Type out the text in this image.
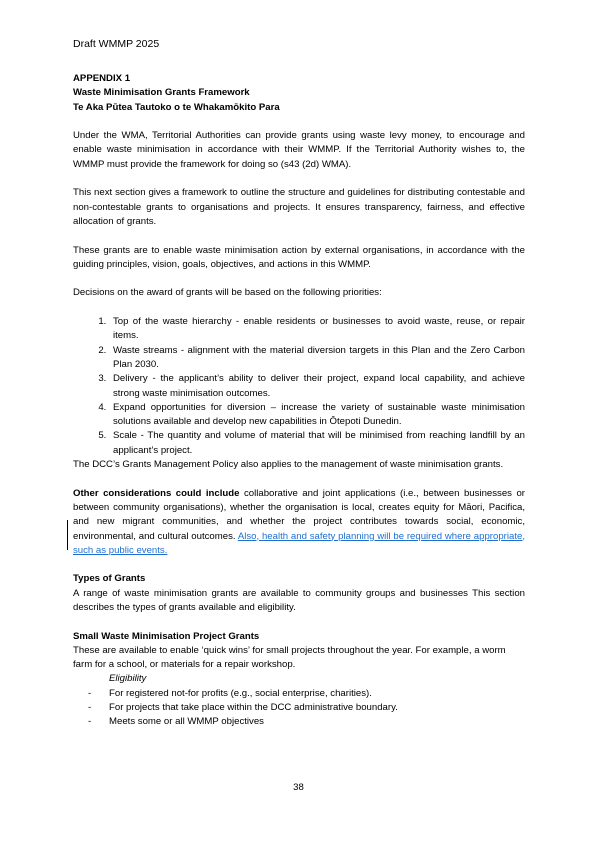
Draft WMMP 2025

APPENDIX 1

Waste Minimisation Grants Framework

Te Aka Pūtea Tautoko o te Whakamōkito Para

Under the WMA, Territorial Authorities can provide grants using waste levy money, to encourage and enable waste minimisation in accordance with their WMMP. If the Territorial Authority wishes to, the WMMP must provide the framework for doing so (s43 (2d) WMA).

This next section gives a framework to outline the structure and guidelines for distributing contestable and non-contestable grants to organisations and projects. It ensures transparency, fairness, and effective allocation of grants.

These grants are to enable waste minimisation action by external organisations, in accordance with the guiding principles, vision, goals, objectives, and actions in this WMMP.

Decisions on the award of grants will be based on the following priorities:

1. Top of the waste hierarchy - enable residents or businesses to avoid waste, reuse, or repair items.
2. Waste streams - alignment with the material diversion targets in this Plan and the Zero Carbon Plan 2030.
3. Delivery - the applicant’s ability to deliver their project, expand local capability, and achieve strong waste minimisation outcomes.
4. Expand opportunities for diversion – increase the variety of sustainable waste minimisation solutions available and develop new capabilities in Ōtepoti Dunedin.
5. Scale - The quantity and volume of material that will be minimised from reaching landfill by an applicant’s project.

The DCC’s Grants Management Policy also applies to the management of waste minimisation grants.

Other considerations could include collaborative and joint applications (i.e., between businesses or between community organisations), whether the organisation is local, creates equity for Māori, Pacifica, and new migrant communities, and whether the project contributes towards social, economic, environmental, and cultural outcomes. Also, health and safety planning will be required where appropriate, such as public events.

Types of Grants

A range of waste minimisation grants are available to community groups and businesses This section describes the types of grants available and eligibility.

Small Waste Minimisation Project Grants

These are available to enable ‘quick wins’ for small projects throughout the year. For example, a worm farm for a school, or materials for a repair workshop.

Eligibility

- For registered not-for profits (e.g., social enterprise, charities).
- For projects that take place within the DCC administrative boundary.
- Meets some or all WMMP objectives
38
